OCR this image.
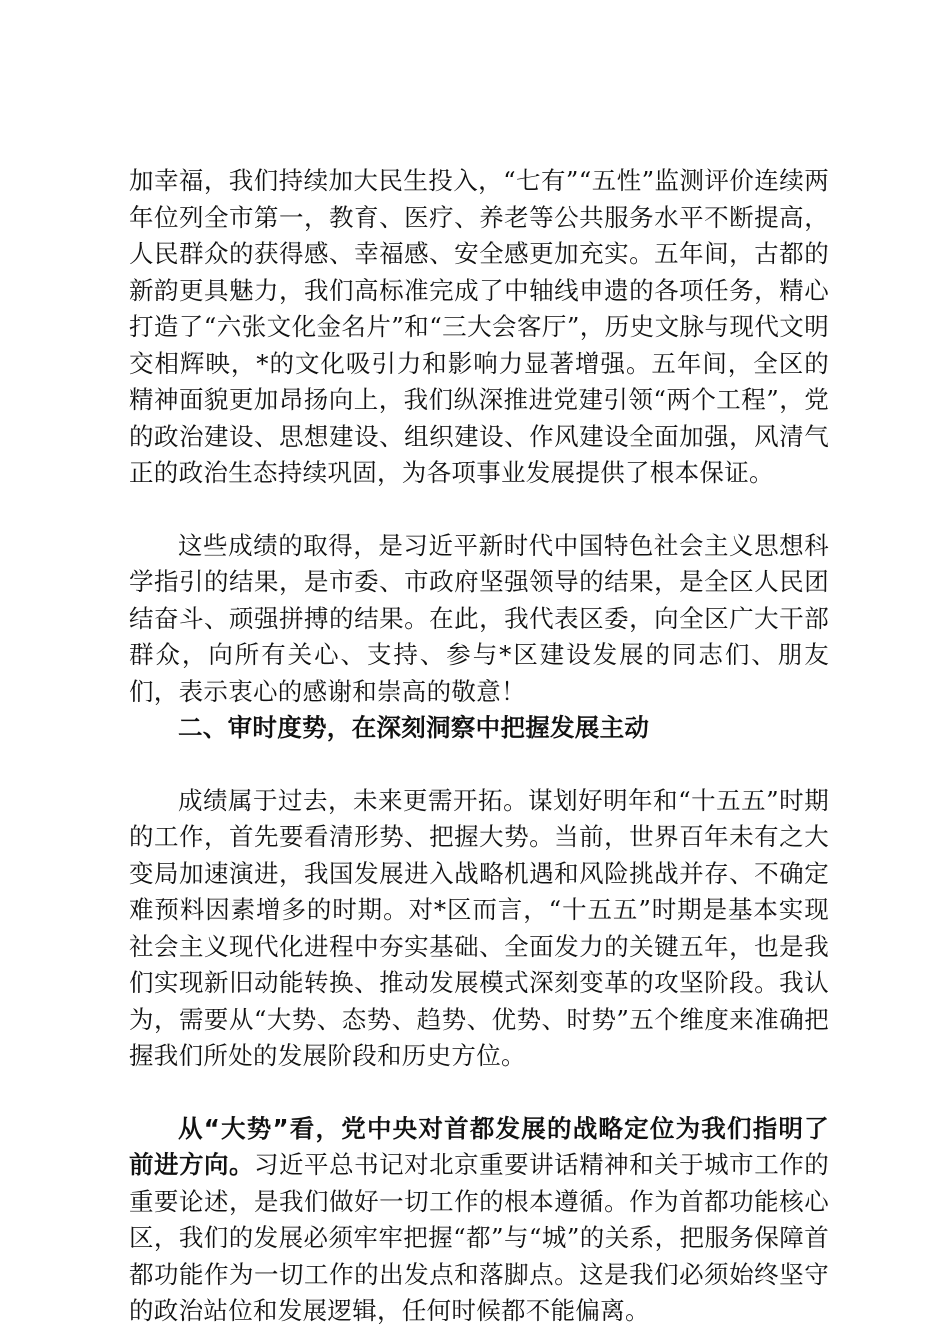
加幸福，我们持续加大民生投入，“七有”“五性”监测评价连续两年位列全市第一，教育、医疗、养老等公共服务水平不断提高，人民群众的获得感、幸福感、安全感更加充实。五年间，古都的新韵更具魅力，我们高标准完成了中轴线申遗的各项任务，精心打造了“六张文化金名片”和“三大会客厅”，历史文脉与现代文明交相辉映，*的文化吸引力和影响力显著增强。五年间，全区的精神面貌更加昂扬向上，我们纵深推进党建引领“两个工程”，党的政治建设、思想建设、组织建设、作风建设全面加强，风清气正的政治生态持续巩固，为各项事业发展提供了根本保证。

这些成绩的取得，是习近平新时代中国特色社会主义思想科学指引的结果，是市委、市政府坚强领导的结果，是全区人民团结奋斗、顽强拼搏的结果。在此，我代表区委，向全区广大干部群众，向所有关心、支持、参与*区建设发展的同志们、朋友们，表示衷心的感谢和崇高的敬意！

二、审时度势，在深刻洞察中把握发展主动

成绩属于过去，未来更需开拓。谋划好明年和“十五五”时期的工作，首先要看清形势、把握大势。当前，世界百年未有之大变局加速演进，我国发展进入战略机遇和风险挑战并存、不确定难预料因素增多的时期。对*区而言，“十五五”时期是基本实现社会主义现代化进程中夯实基础、全面发力的关键五年，也是我们实现新旧动能转换、推动发展模式深刻变革的攻坚阶段。我认为，需要从“大势、态势、趋势、优势、时势”五个维度来准确把握我们所处的发展阶段和历史方位。

从“大势”看，党中央对首都发展的战略定位为我们指明了前进方向。习近平总书记对北京重要讲话精神和关于城市工作的重要论述，是我们做好一切工作的根本遵循。作为首都功能核心区，我们的发展必须牢牢把握“都”与“城”的关系，把服务保障首都功能作为一切工作的出发点和落脚点。这是我们必须始终坚守的政治站位和发展逻辑，任何时候都不能偏离。
